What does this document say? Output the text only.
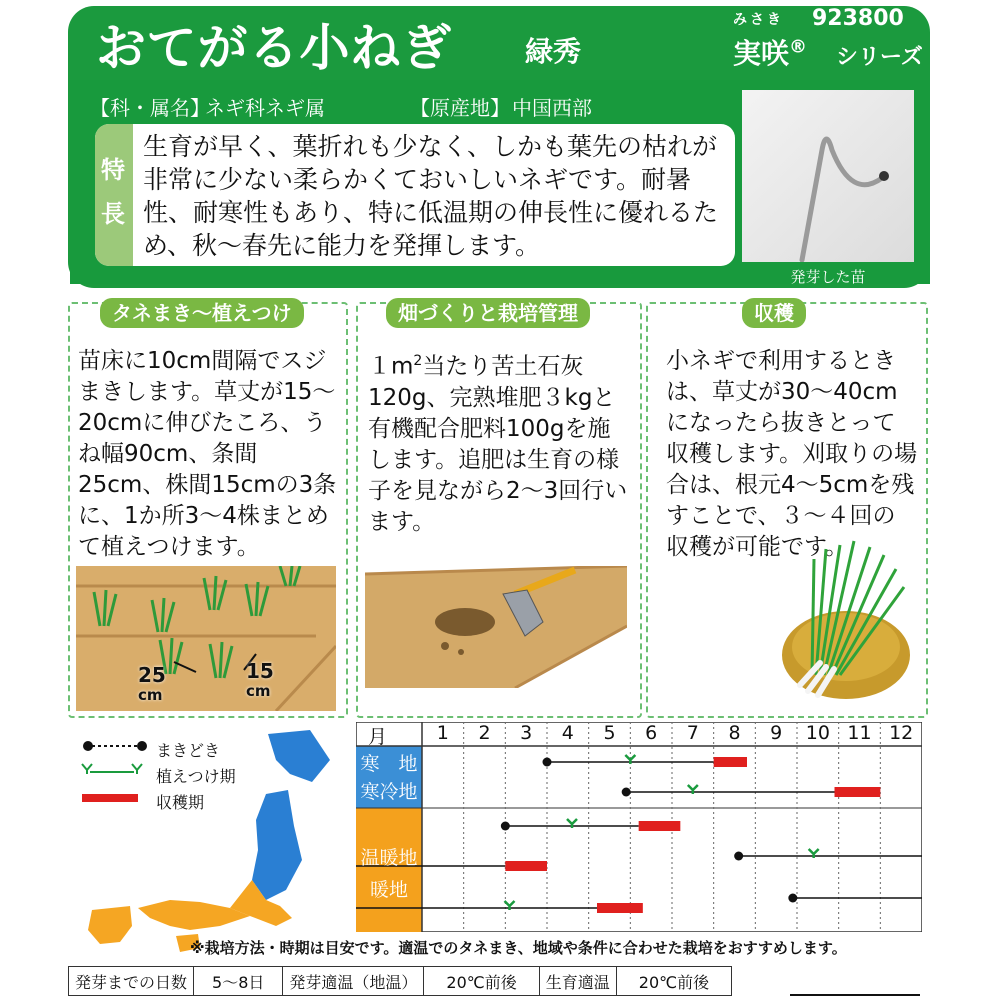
おてがる小ねぎ	緑秀
みさき 923800
実咲® シリーズ
【科・属名】
ネギ科ネギ属	【原産地】 中国西部
特
長
生育が早く、葉折れも少なく、しかも葉先の枯れが非常に少ない柔らかくておいしいネギです。耐暑性、耐寒性もあり、特に低温期の伸長性に優れるため、秋～春先に能力を発揮します。
発芽した苗
タネまき～植えつけ
苗床に10cm間隔でスジまきします。草丈が15～20cmに伸びたころ、うね幅90cm、条間25cm、株間15cmの3条に、1か所3～4株まとめて植えつけます。
畑づくりと栽培管理
$1m^2$当たり苦土石灰120g、完熟堆肥３kgと有機配合肥料100gを施します。追肥は生育の様子を見ながら2～3回行います。
収穫
小ネギで利用するときは、草丈が30～40cmになったら抜きとって収穫します。刈取りの場合は、根元4～5cmを残すことで、３～４回の収穫が可能です。
25
cm
15
cm
まきどき
植えつけ期
収穫期
月	1	2	3	4	5	6	7	8	9	10 11 12
寒　地
寒冷地
温暖地
暖地
※栽培方法・時期は目安です。適温でのタネまき、地域や条件に合わせた栽培をおすすめします。
発芽までの日数	5～8日	発芽適温（地温）	20℃前後	生育適温	20℃前後
